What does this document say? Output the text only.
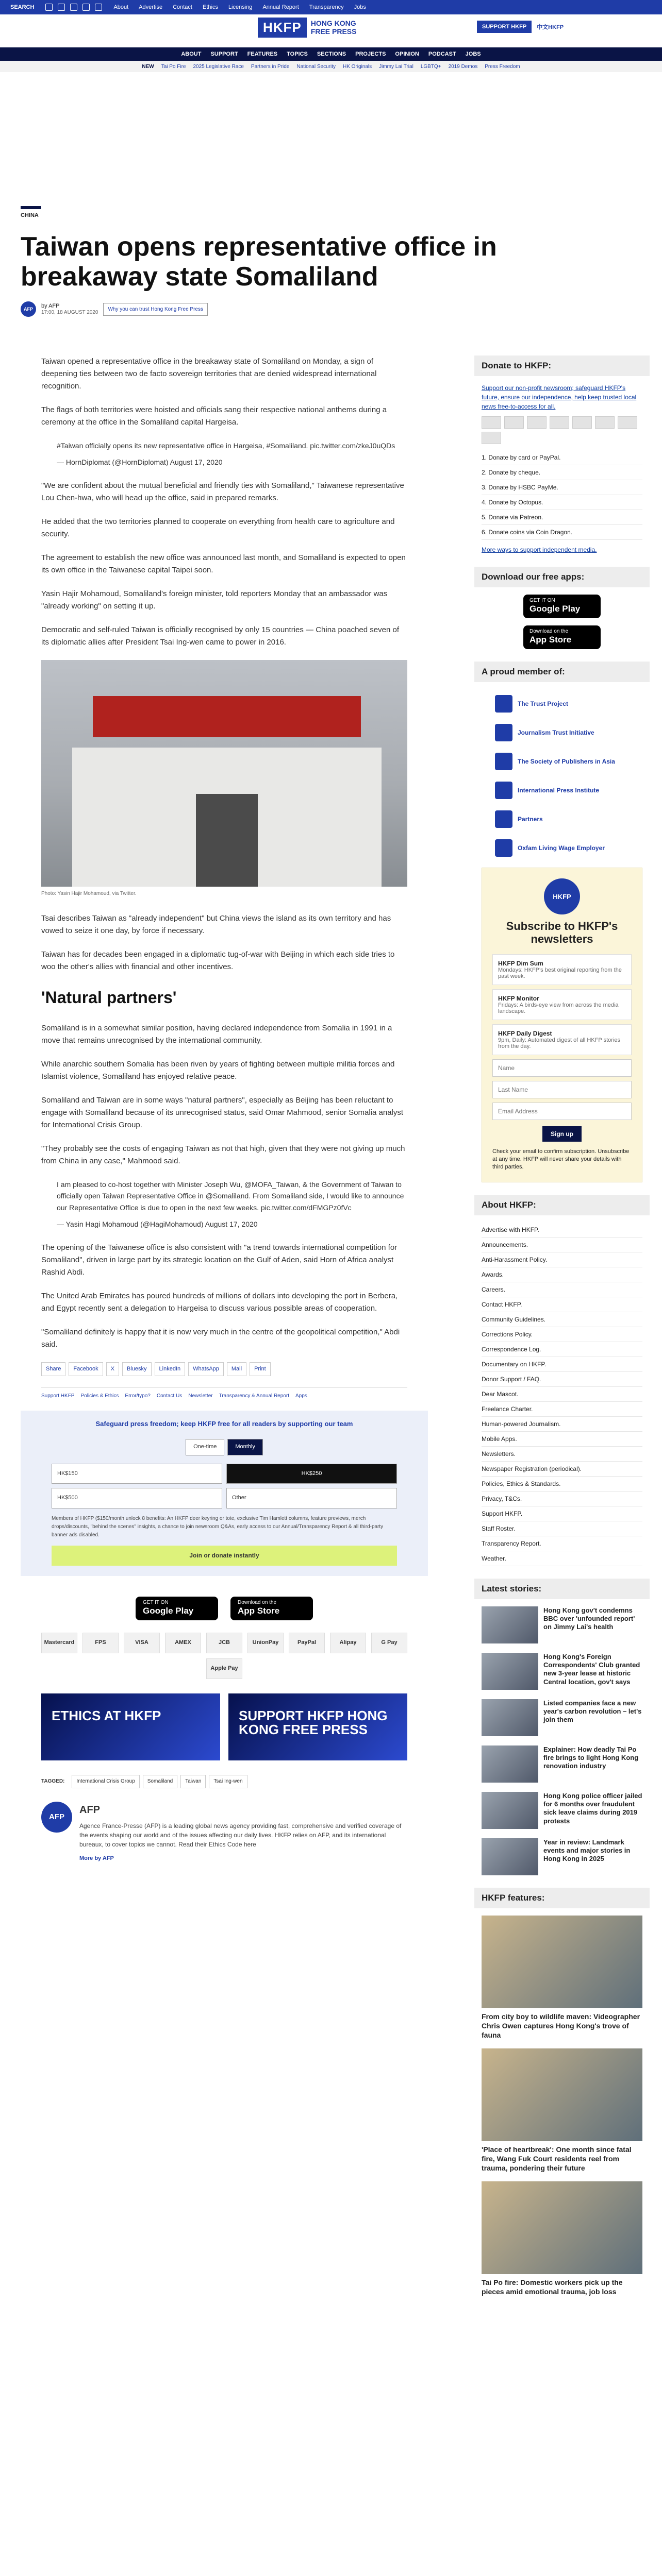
SEARCH	About Advertise Contact Ethics Licensing Annual Report Transparency Jobs
HKFP	HONG KONG
FREE PRESS
SUPPORT HKFP	中文HKFP
ABOUT SUPPORT FEATURES TOPICS SECTIONS PROJECTS OPINION PODCAST JOBS
NEW Tai Po Fire 2025 Legislative Race Partners in Pride National Security HK Originals Jimmy Lai Trial LGBTQ+ 2019 Demos Press Freedom
CHINA
Taiwan opens representative office in breakaway state Somaliland
AFP	by AFP
17:00, 18 AUGUST 2020
Why you can trust Hong Kong Free Press

Taiwan opened a representative office in the breakaway state of Somaliland on Monday, a sign of deepening ties between two de facto sovereign territories that are denied widespread international recognition.

The flags of both territories were hoisted and officials sang their respective national anthems during a ceremony at the office in the Somaliland capital Hargeisa.

#Taiwan officially opens its new representative office in Hargeisa, #Somaliland. pic.twitter.com/zkeJ0uQDs

— HornDiplomat (@HornDiplomat) August 17, 2020

"We are confident about the mutual beneficial and friendly ties with Somaliland," Taiwanese representative Lou Chen-hwa, who will head up the office, said in prepared remarks.

He added that the two territories planned to cooperate on everything from health care to agriculture and security.

The agreement to establish the new office was announced last month, and Somaliland is expected to open its own office in the Taiwanese capital Taipei soon.

Yasin Hajir Mohamoud, Somaliland's foreign minister, told reporters Monday that an ambassador was "already working" on setting it up.

Democratic and self-ruled Taiwan is officially recognised by only 15 countries — China poached seven of its diplomatic allies after President Tsai Ing-wen came to power in 2016.

Photo: Yasin Hajir Mohamoud, via Twitter.

Tsai describes Taiwan as "already independent" but China views the island as its own territory and has vowed to seize it one day, by force if necessary.

Taiwan has for decades been engaged in a diplomatic tug-of-war with Beijing in which each side tries to woo the other's allies with financial and other incentives.

'Natural partners'

Somaliland is in a somewhat similar position, having declared independence from Somalia in 1991 in a move that remains unrecognised by the international community.

While anarchic southern Somalia has been riven by years of fighting between multiple militia forces and Islamist violence, Somaliland has enjoyed relative peace.

Somaliland and Taiwan are in some ways "natural partners", especially as Beijing has been reluctant to engage with Somaliland because of its unrecognised status, said Omar Mahmood, senior Somalia analyst for International Crisis Group.

"They probably see the costs of engaging Taiwan as not that high, given that they were not giving up much from China in any case," Mahmood said.

I am pleased to co-host together with Minister Joseph Wu, @MOFA_Taiwan, & the Government of Taiwan to officially open Taiwan Representative Office in @Somaliland. From Somaliland side, I would like to announce our Representative Office is due to open in the next few weeks. pic.twitter.com/dFMGPz0fVc

— Yasin Hagi Mohamoud (@HagiMohamoud) August 17, 2020

The opening of the Taiwanese office is also consistent with "a trend towards international competition for Somaliland", driven in large part by its strategic location on the Gulf of Aden, said Horn of Africa analyst Rashid Abdi.

The United Arab Emirates has poured hundreds of millions of dollars into developing the port in Berbera, and Egypt recently sent a delegation to Hargeisa to discuss various possible areas of cooperation.

"Somaliland definitely is happy that it is now very much in the centre of the geopolitical competition," Abdi said.

Share	Facebook	X	Bluesky	LinkedIn	WhatsApp	Mail	Print
Support HKFP Policies & Ethics Error/typo? Contact Us Newsletter Transparency & Annual Report Apps
Safeguard press freedom; keep HKFP free for all readers by supporting our team
One-time	Monthly
HK$150	HK$250
HK$500	Other
Members of HKFP ($150/month unlock 8 benefits: An HKFP deer keyring or tote, exclusive Tim Hamlett columns, feature previews, merch drops/discounts, "behind the scenes" insights, a chance to join newsroom Q&As, early access to our Annual/Transparency Report & all third-party banner ads disabled.
Join or donate instantly
GET IT ON
Google Play
Download on the
App Store
Mastercard	FPS	VISA	AMEX	JCB	UnionPay	PayPal	Alipay	G Pay
Apple Pay
ETHICS AT HKFP	SUPPORT HKFP HONG KONG FREE PRESS
TAGGED:	International Crisis Group	Somaliland	Taiwan	Tsai Ing-wen
AFP
AFP
Agence France-Presse (AFP) is a leading global news agency providing fast, comprehensive and verified coverage of the events shaping our world and of the issues affecting our daily lives. HKFP relies on AFP, and its international bureaux, to cover topics we cannot. Read their Ethics Code here
More by AFP
Donate to HKFP:

Support our non-profit newsroom; safeguard HKFP's future, ensure our independence, help keep trusted local news free-to-access for all.

1. Donate by card or PayPal.
2. Donate by cheque.
3. Donate by HSBC PayMe.
4. Donate by Octopus.
5. Donate via Patreon.
6. Donate coins via Coin Dragon.

More ways to support independent media.

Download our free apps:
GET IT ON
Google Play
Download on the
App Store
A proud member of:
The Trust Project
Journalism Trust Initiative
The Society of Publishers in Asia
International Press Institute
Partners
Oxfam Living Wage Employer
HKFP
Subscribe to HKFP's newsletters
HKFP Dim Sum
Mondays: HKFP's best original reporting from the past week.
HKFP Monitor
Fridays: A birds-eye view from across the media landscape.
HKFP Daily Digest
9pm, Daily: Automated digest of all HKFP stories from the day.
Name Last Name Email Address Sign up
Check your email to confirm subscription. Unsubscribe at any time. HKFP will never share your details with third parties.
About HKFP:
Advertise with HKFP.
Announcements.
Anti-Harassment Policy.
Awards.
Careers.
Contact HKFP.
Community Guidelines.
Corrections Policy.
Correspondence Log.
Documentary on HKFP.
Donor Support / FAQ.
Dear Mascot.
Freelance Charter.
Human-powered Journalism.
Mobile Apps.
Newsletters.
Newspaper Registration (periodical).
Policies, Ethics & Standards.
Privacy, T&Cs.
Support HKFP.
Staff Roster.
Transparency Report.
Weather.
Latest stories:
Hong Kong gov't condemns BBC over 'unfounded report' on Jimmy Lai's health
Hong Kong's Foreign Correspondents' Club granted new 3-year lease at historic Central location, gov't says
Listed companies face a new year's carbon revolution – let's join them
Explainer: How deadly Tai Po fire brings to light Hong Kong renovation industry
Hong Kong police officer jailed for 6 months over fraudulent sick leave claims during 2019 protests
Year in review: Landmark events and major stories in Hong Kong in 2025
HKFP features:
From city boy to wildlife maven: Videographer Chris Owen captures Hong Kong's trove of fauna
'Place of heartbreak': One month since fatal fire, Wang Fuk Court residents reel from trauma, pondering their future
Tai Po fire: Domestic workers pick up the pieces amid emotional trauma, job loss
